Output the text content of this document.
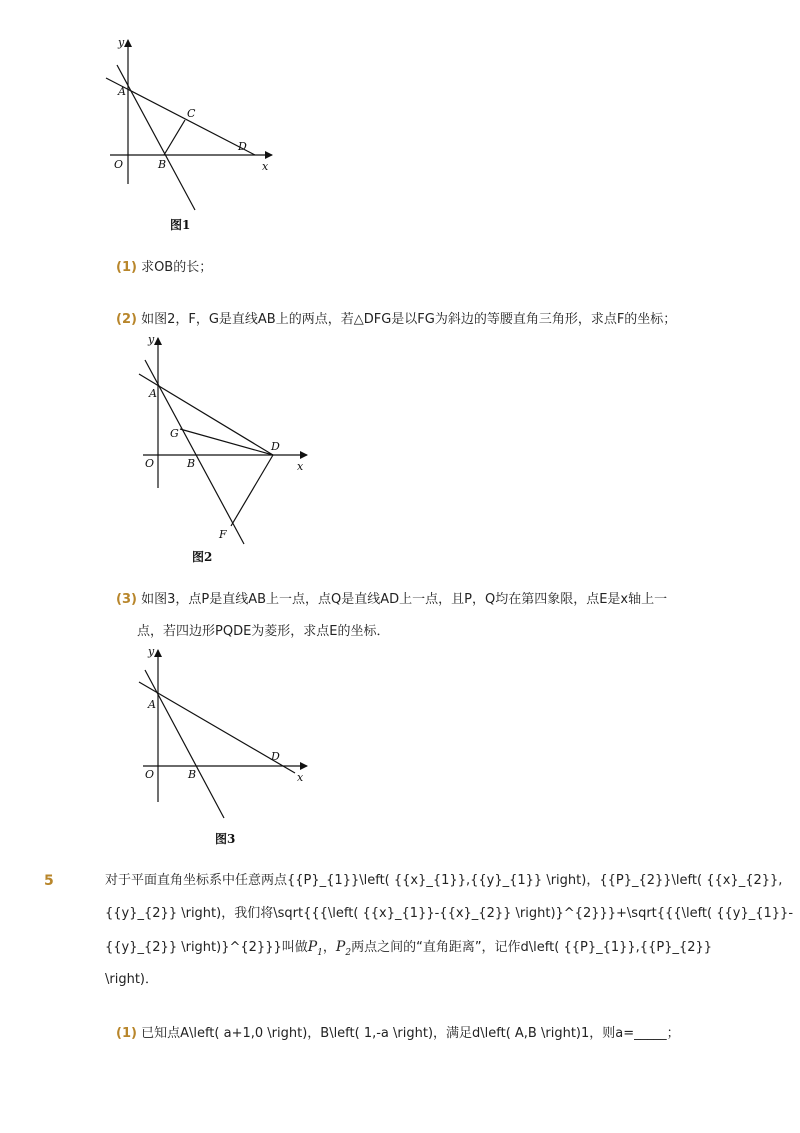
y
x
O
A
B
C
D
图1
(1) 求OB的长；
(2) 如图2，F，G是直线AB上的两点，若△DFG是以FG为斜边的等腰直角三角形，求点F的坐标；
y
x
O
A
B
D
G
F
图2
(3) 如图3，点P是直线AB上一点，点Q是直线AD上一点，且P，Q均在第四象限，点E是x轴上一
点，若四边形PQDE为菱形，求点E的坐标．
y
x
O
A
B
D
图3
5	对于平面直角坐标系中任意两点{{P}_{1}}\left( {{x}_{1}},{{y}_{1}} \right)，{{P}_{2}}\left( {{x}_{2}},
{{y}_{2}} \right)，我们将\sqrt{{{\left( {{x}_{1}}-{{x}_{2}} \right)}^{2}}}+\sqrt{{{\left( {{y}_{1}}-
{{y}_{2}} \right)}^{2}}}叫做$P_1$，$P_2$两点之间的“直角距离”，记作d\left( {{P}_{1}},{{P}_{2}}
\right)．
(1) 已知点A\left( a+1,0 \right)，B\left( 1,-a \right)，满足d\left( A,B \right)1，则a=_____；
